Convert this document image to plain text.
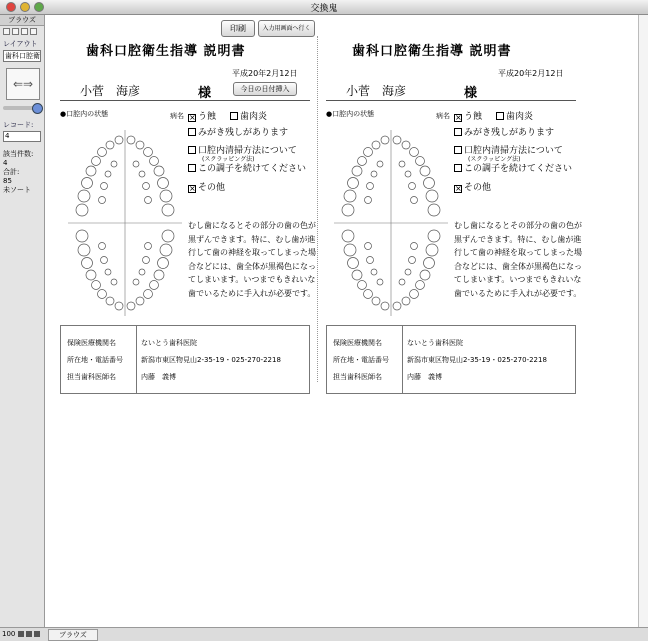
交換鬼
ブラウズ
レイアウト
歯科口腔衛
⇐⇒
レコード:
4
該当件数:
4
合計:
85
未ソート
印刷	入力用画面へ行く
歯科口腔衛生指導 説明書
平成20年2月12日
小菅　海彦	様	今日の日付挿入
●口腔内の状態	病名 × う蝕	歯肉炎
みがき残しがあります
口腔内清掃方法について
(スクラッピング法)
この調子を続けてください
× その他
むし歯になるとその部分の歯の色が黒ずんできます。特に、むし歯が進行して歯の神経を取ってしまった場合などには、歯全体が黒褐色になってしまいます。いつまでもきれいな歯でいるために手入れが必要です。
保険医療機関名	ないとう歯科医院
所在地・電話番号	新潟市東区物見山2-35-19・025-270-2218
担当歯科医師名	内藤　義博
歯科口腔衛生指導 説明書
平成20年2月12日
小菅　海彦	様
●口腔内の状態	病名 × う蝕	歯肉炎
みがき残しがあります
口腔内清掃方法について
(スクラッピング法)
この調子を続けてください
× その他
むし歯になるとその部分の歯の色が黒ずんできます。特に、むし歯が進行して歯の神経を取ってしまった場合などには、歯全体が黒褐色になってしまいます。いつまでもきれいな歯でいるために手入れが必要です。
保険医療機関名	ないとう歯科医院
所在地・電話番号	新潟市東区物見山2-35-19・025-270-2218
担当歯科医師名	内藤　義博
100	ブラウズ
